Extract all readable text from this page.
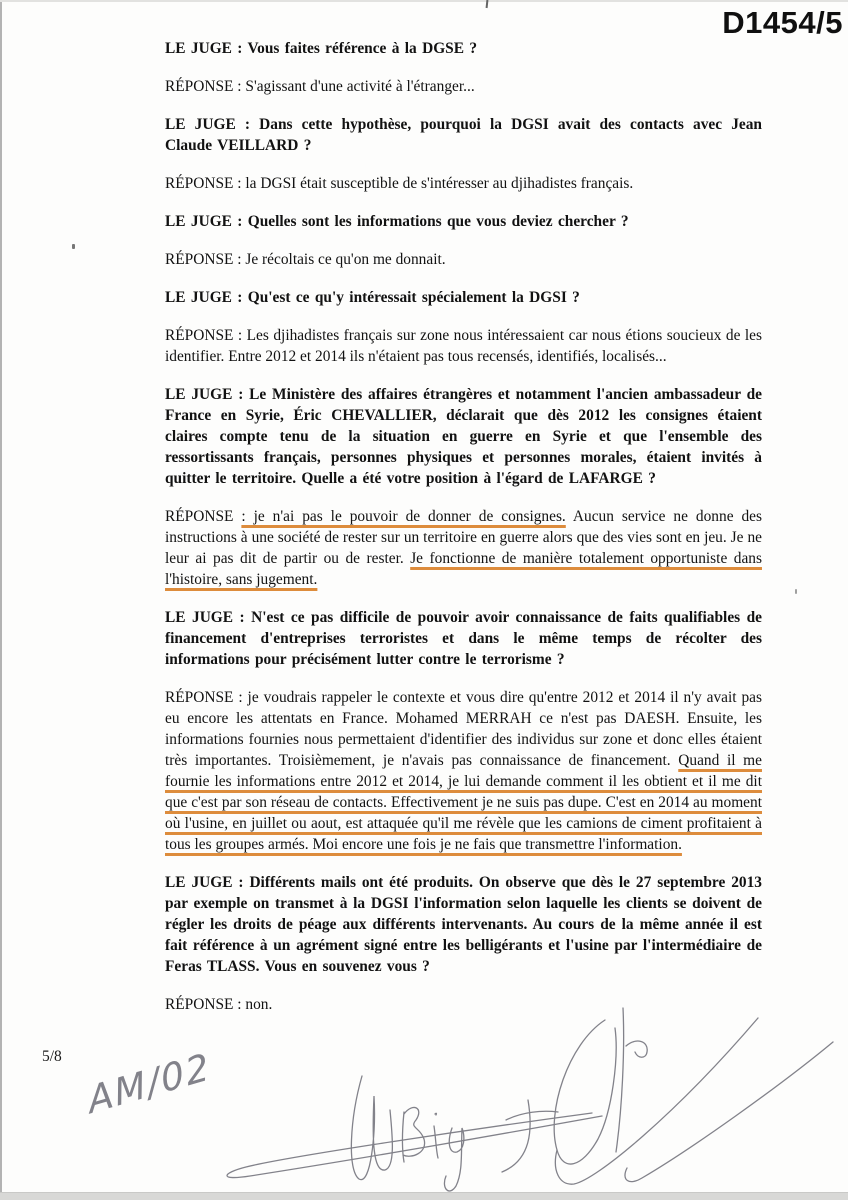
D1454/5

LE JUGE : Vous faites référence à la DGSE ?

RÉPONSE : S'agissant d'une activité à l'étranger...

LE JUGE : Dans cette hypothèse, pourquoi la DGSI avait des contacts avec Jean Claude VEILLARD ?

RÉPONSE : la DGSI était susceptible de s'intéresser au djihadistes français.

LE JUGE : Quelles sont les informations que vous deviez chercher ?

RÉPONSE : Je récoltais ce qu'on me donnait.

LE JUGE : Qu'est ce qu'y intéressait spécialement la DGSI ?

RÉPONSE : Les djihadistes français sur zone nous intéressaient car nous étions soucieux de les identifier. Entre 2012 et 2014 ils n'étaient pas tous recensés, identifiés, localisés...

LE JUGE : Le Ministère des affaires étrangères et notamment l'ancien ambassadeur de France en Syrie, Éric CHEVALLIER, déclarait que dès 2012 les consignes étaient claires compte tenu de la situation en guerre en Syrie et que l'ensemble des ressortissants français, personnes physiques et personnes morales, étaient invités à quitter le territoire. Quelle a été votre position à l'égard de LAFARGE ?

RÉPONSE : je n'ai pas le pouvoir de donner de consignes. Aucun service ne donne des instructions à une société de rester sur un territoire en guerre alors que des vies sont en jeu. Je ne leur ai pas dit de partir ou de rester. Je fonctionne de manière totalement opportuniste dans l'histoire, sans jugement.

LE JUGE : N'est ce pas difficile de pouvoir avoir connaissance de faits qualifiables de financement d'entreprises terroristes et dans le même temps de récolter des informations pour précisément lutter contre le terrorisme ?

RÉPONSE : je voudrais rappeler le contexte et vous dire qu'entre 2012 et 2014 il n'y avait pas eu encore les attentats en France. Mohamed MERRAH ce n'est pas DAESH. Ensuite, les informations fournies nous permettaient d'identifier des individus sur zone et donc elles étaient très importantes. Troisièmement, je n'avais pas connaissance de financement. Quand il me fournie les informations entre 2012 et 2014, je lui demande comment il les obtient et il me dit que c'est par son réseau de contacts. Effectivement je ne suis pas dupe. C'est en 2014 au moment où l'usine, en juillet ou aout, est attaquée qu'il me révèle que les camions de ciment profitaient à tous les groupes armés. Moi encore une fois je ne fais que transmettre l'information.

LE JUGE : Différents mails ont été produits. On observe que dès le 27 septembre 2013 par exemple on transmet à la DGSI l'information selon laquelle les clients se doivent de régler les droits de péage aux différents intervenants. Au cours de la même année il est fait référence à un agrément signé entre les belligérants et l'usine par l'intermédiaire de Feras TLASS. Vous en souvenez vous ?

RÉPONSE : non.

5/8 AM/02
